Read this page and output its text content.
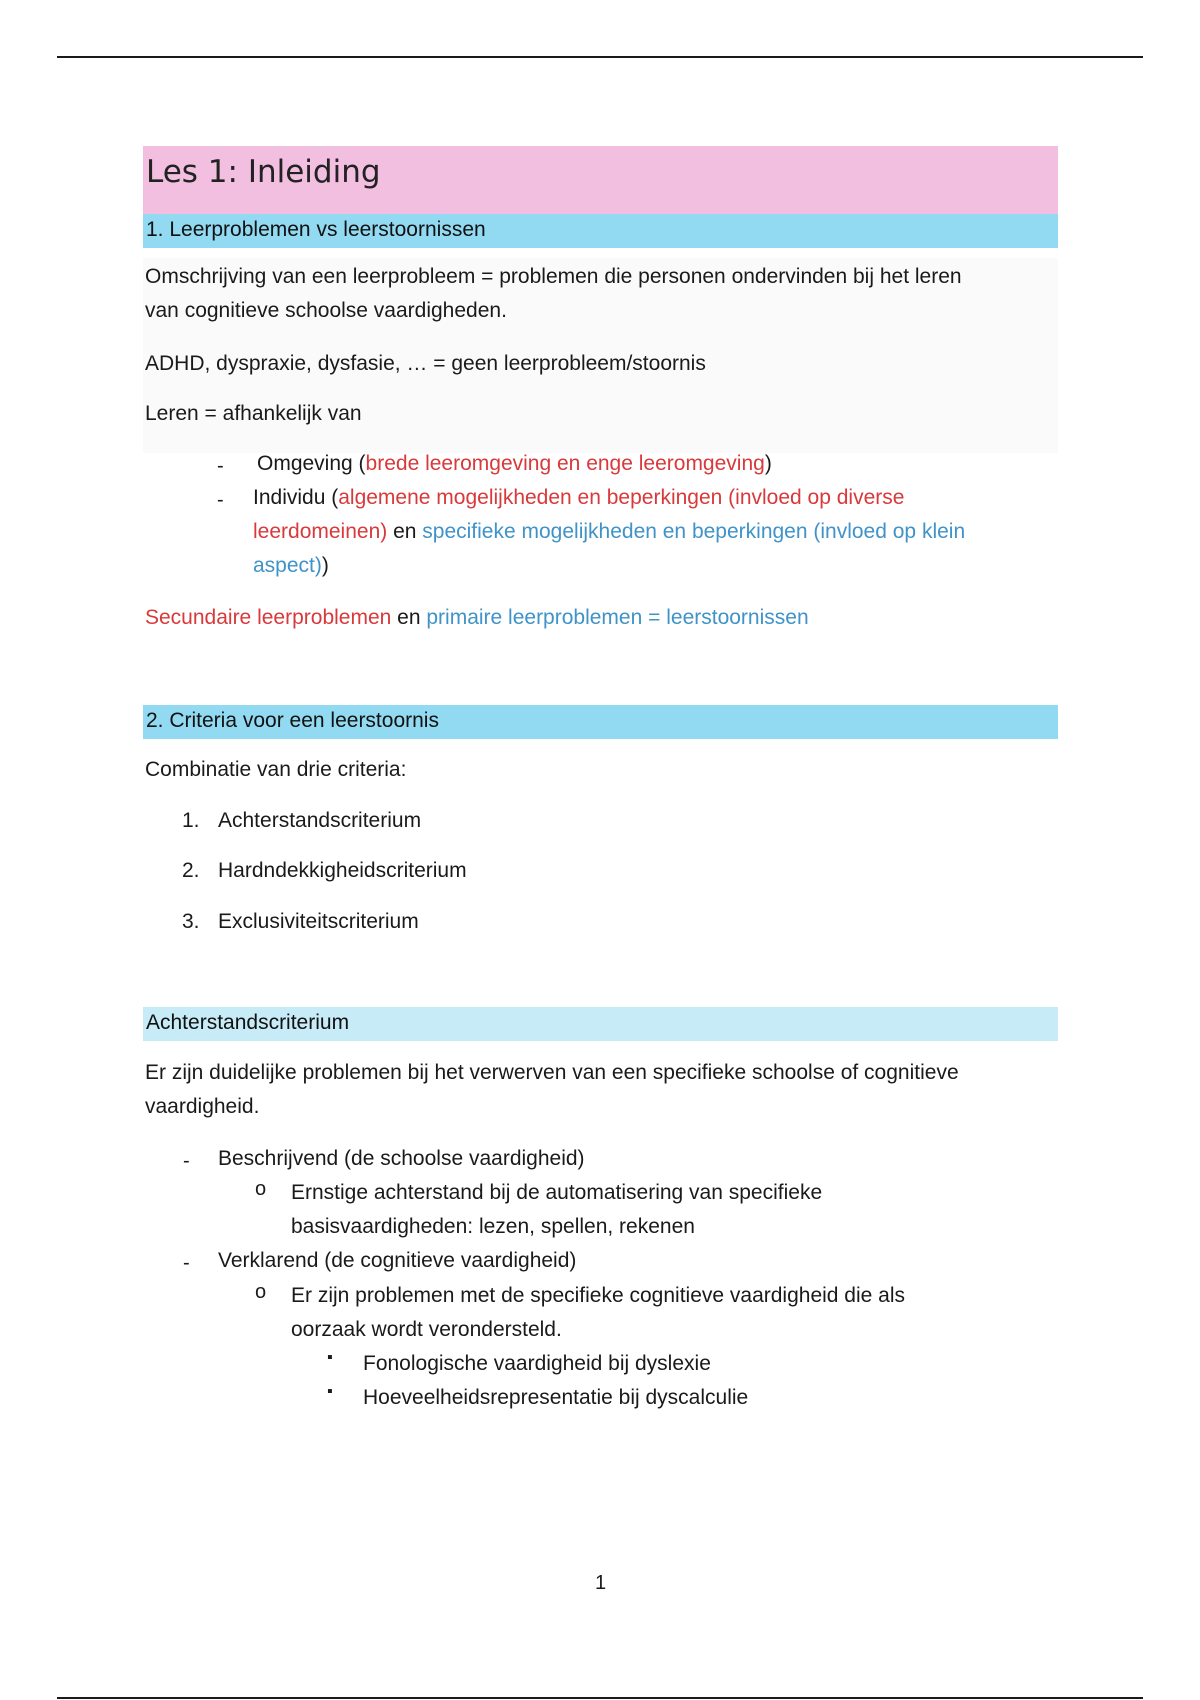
Les 1: Inleiding
1. Leerproblemen vs leerstoornissen
Omschrijving van een leerprobleem = problemen die personen ondervinden bij het leren
van cognitieve schoolse vaardigheden.
ADHD, dyspraxie, dysfasie, … = geen leerprobleem/stoornis
Leren = afhankelijk van
- Omgeving (brede leeromgeving en enge leeromgeving)
- Individu (algemene mogelijkheden en beperkingen (invloed op diverse
leerdomeinen) en specifieke mogelijkheden en beperkingen (invloed op klein
aspect))
Secundaire leerproblemen en primaire leerproblemen = leerstoornissen
2. Criteria voor een leerstoornis
Combinatie van drie criteria:
1. Achterstandscriterium
2. Hardndekkigheidscriterium
3. Exclusiviteitscriterium
Achterstandscriterium
Er zijn duidelijke problemen bij het verwerven van een specifieke schoolse of cognitieve
vaardigheid.
- Beschrijvend (de schoolse vaardigheid)
o Ernstige achterstand bij de automatisering van specifieke
basisvaardigheden: lezen, spellen, rekenen
- Verklarend (de cognitieve vaardigheid)
o Er zijn problemen met de specifieke cognitieve vaardigheid die als
oorzaak wordt verondersteld.
▪ Fonologische vaardigheid bij dyslexie
▪ Hoeveelheidsrepresentatie bij dyscalculie
1
